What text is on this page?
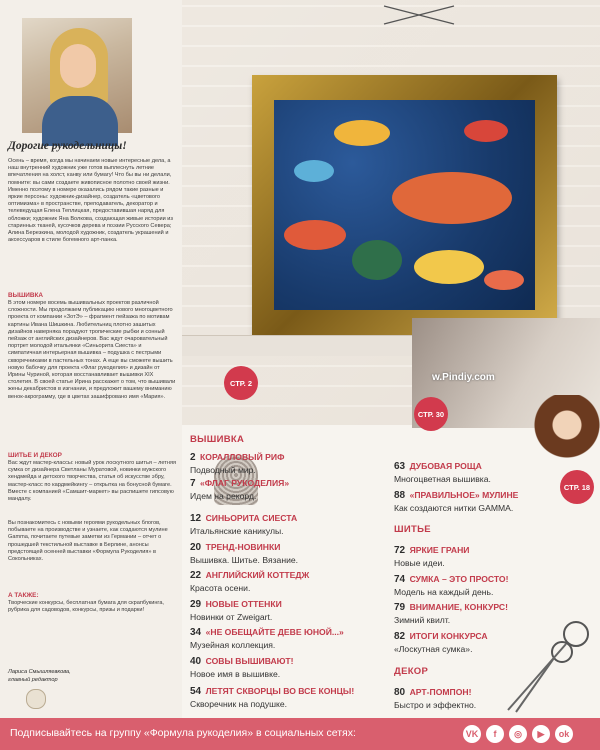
Дорогие рукодельницы!

Осень – время, когда мы начинаем новые интересные дела, а наш внутренний художник уже готов выплеснуть летние впечатления на холст, канву или бумагу! Что бы вы ни делали, помните: вы сами создаете живописное полотно своей жизни. Именно поэтому в номере оказались рядом такие разные и яркие персоны: художник-дизайнер, создатель «цветового оптимизма» в пространстве, преподаватель, декоратор и телеведущая Елена Теплицкая, предоставившая наряд для обложки; художник Яна Волкова, создающая живые истории из старинных тканей, кусочков дерева и поэзии Русского Севера; Алина Березкина, молодой художник, создатель украшений и аксессуаров в стиле богемного арт-панка.

ВЫШИВКА

В этом номере восемь вышивальных проектов различной сложности. Мы продолжаем публикацию нового многоцветного проекта от компании «ЗотЭ» – фрагмент пейзажа по мотивам картины Ивана Шишкина. Любительниц плотно зашитых дизайнов наверняка порадуют тропические рыбки и сонный пейзаж от английских дизайнеров. Вас ждут очаровательный портрет молодой итальянки «Синьорита Сиеста» и симпатичная интерьерная вышивка – подушка с пестрыми скворечниками в пастельных тонах. А еще вы сможете вышить новую бабочку для проекта «Флаг рукоделия» и дизайн от Ирины Чуриной, которая восстанавливает вышивки XIX столетия. В своей статье Ирина расскажет о том, что вышивали жены декабристов в изгнании, и предложит вашему вниманию венок-акрограмму, где в цветах зашифровано имя «Мария».

ШИТЬЕ И ДЕКОР

Вас ждут мастер-классы: новый урок лоскутного шитья – летняя сумка от дизайнера Светланы Муратовой, новинки мужского хендмейда и детского творчества, статья об искусстве эбру, мастер-класс по кардмейкингу – открытка на бонусной бумаге. Вместе с компанией «Самшит-маркет» вы распишете гипсовую мандалу.

Вы познакомитесь с новыми героями рукодельных блогов, побываете на производстве и узнаете, как создаются мулине Gamma, почитаете путевые заметки из Германии – отчет о прошедшей текстильной выставке в Берлине, анонсы предстоящей осенней выставки «Формула Рукоделия» в Сокольниках.

А ТАКЖЕ:

Творческие конкурсы, бесплатная бумага для скрапбукинга, рубрика для садоводов, конкурсы, призы и подарки!

Лариса Смышляевкова,
главный редактор
СТР. 2
СТР. 30
СТР. 18
w.Pindiy.com
ВЫШИВКА
2 КОРАЛЛОВЫЙ РИФ
Подводный мир.
7 «ФЛАГ РУКОДЕЛИЯ»
Идем на рекорд.
12 СИНЬОРИТА СИЕСТА
Итальянские каникулы.
20 ТРЕНД-НОВИНКИ
Вышивка. Шитье. Вязание.
22 АНГЛИЙСКИЙ КОТТЕДЖ
Красота осени.
29 НОВЫЕ ОТТЕНКИ
Новинки от Zweigart.
34 «НЕ ОБЕЩАЙТЕ ДЕВЕ ЮНОЙ...»
Музейная коллекция.
40 СОВЫ ВЫШИВАЮТ!
Новое имя в вышивке.
54 ЛЕТЯТ СКВОРЦЫ ВО ВСЕ КОНЦЫ!
Скворечник на подушке.
63 ДУБОВАЯ РОЩА
Многоцветная вышивка.
88 «ПРАВИЛЬНОЕ» МУЛИНЕ
Как создаются нитки GAMMA.
ШИТЬЕ
72 ЯРКИЕ ГРАНИ
Новые идеи.
74 СУМКА – ЭТО ПРОСТО!
Модель на каждый день.
79 ВНИМАНИЕ, КОНКУРС!
Зимний квилт.
82 ИТОГИ КОНКУРСА
«Лоскутная сумка».
ДЕКОР
80 АРТ-ПОМПОН!
Быстро и эффектно.
Подписывайтесь на группу «Формула рукоделия» в социальных сетях:	VK	f	◎	▶	ok
